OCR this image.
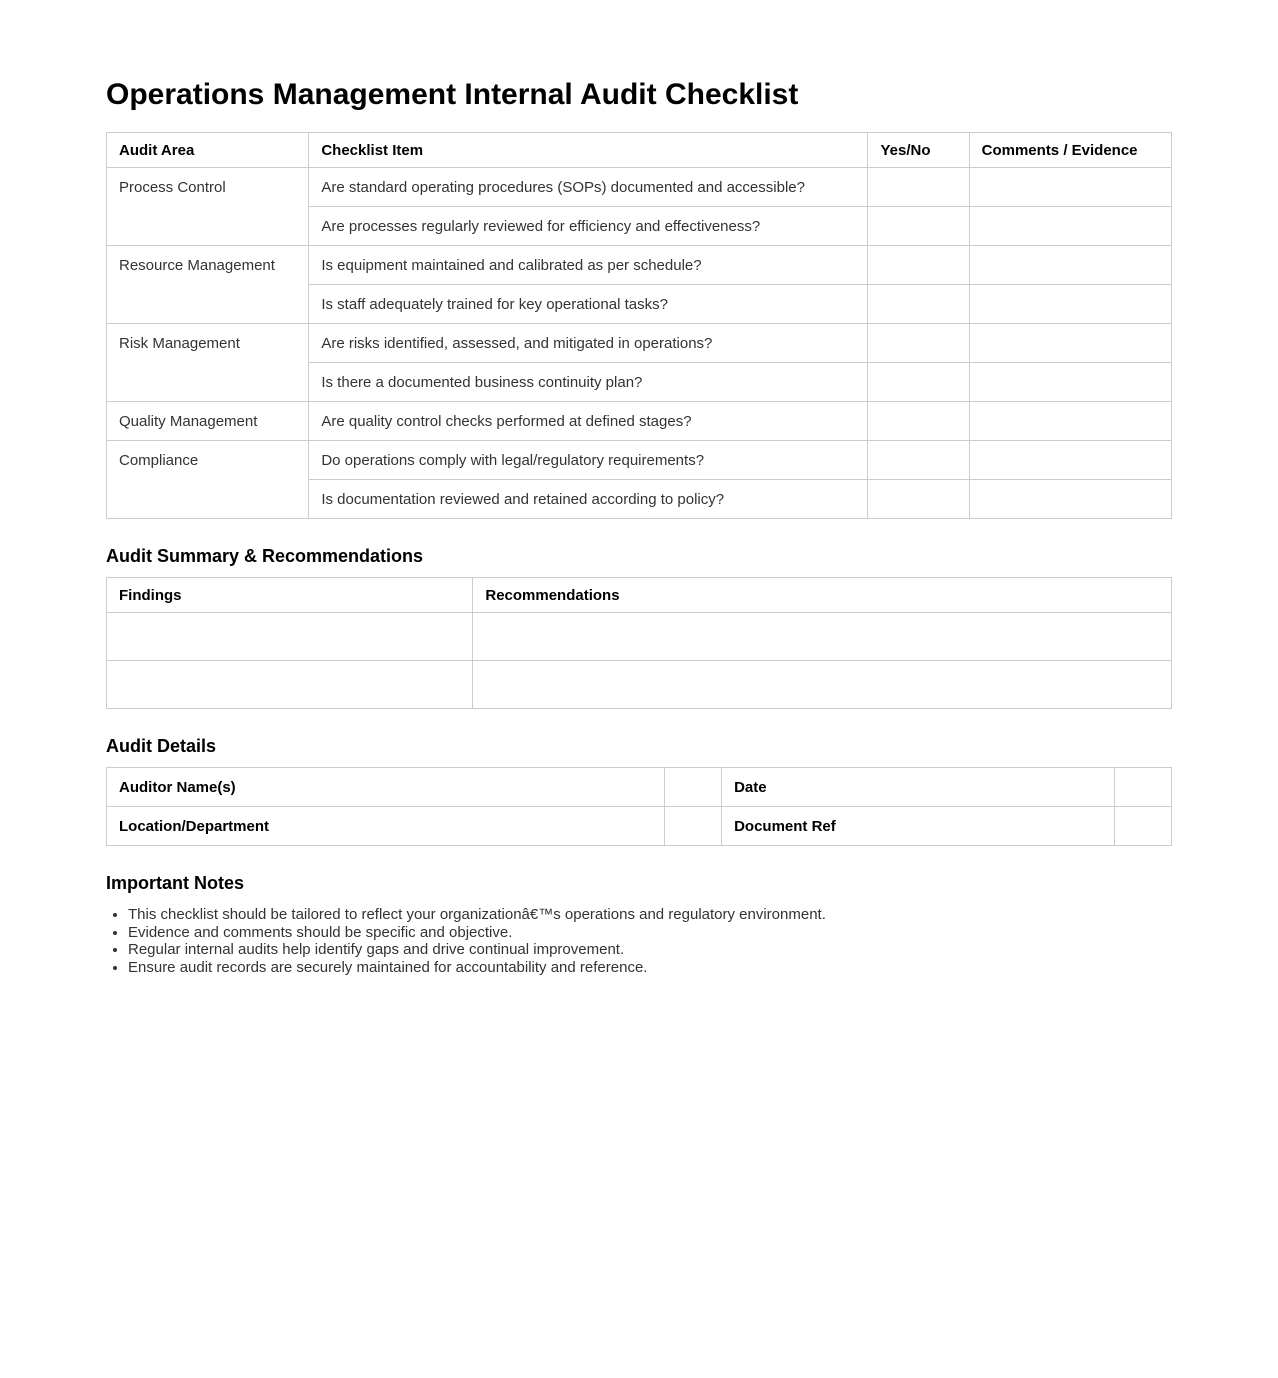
Operations Management Internal Audit Checklist
Audit Area	Checklist Item	Yes/No	Comments / Evidence
Process Control	Are standard operating procedures (SOPs) documented and accessible?		
	Are processes regularly reviewed for efficiency and effectiveness?		
Resource Management	Is equipment maintained and calibrated as per schedule?		
	Is staff adequately trained for key operational tasks?		
Risk Management	Are risks identified, assessed, and mitigated in operations?		
	Is there a documented business continuity plan?		
Quality Management	Are quality control checks performed at defined stages?		
Compliance	Do operations comply with legal/regulatory requirements?		
	Is documentation reviewed and retained according to policy?		
Audit Summary & Recommendations
Findings	Recommendations

Audit Details
Auditor Name(s)		Date	
Location/Department		Document Ref	
Important Notes
• This checklist should be tailored to reflect your organizationâ€™s operations and regulatory environment.
• Evidence and comments should be specific and objective.
• Regular internal audits help identify gaps and drive continual improvement.
• Ensure audit records are securely maintained for accountability and reference.
